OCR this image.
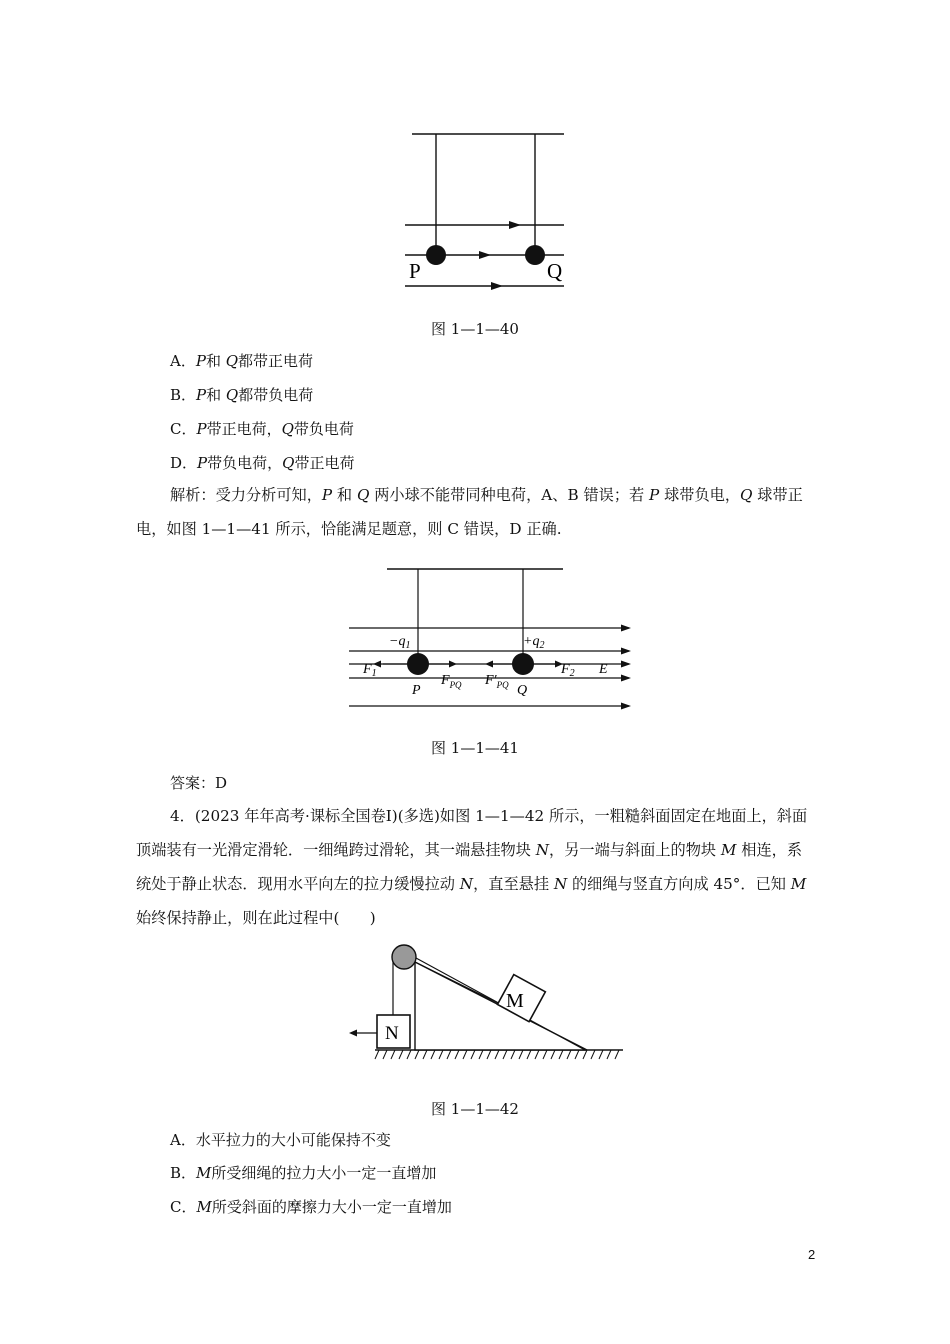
P	Q
图 1—1—40
A．P和 Q都带正电荷
B．P和 Q都带负电荷
C．P带正电荷，Q带负电荷
D．P带负电荷，Q带正电荷
解析：受力分析可知，P 和 Q 两小球不能带同种电荷，A、B 错误；若 P 球带负电，Q 球带正电，如图 1—1—41 所示，恰能满足题意，则 C 错误，D 正确.
$-q_1$	$+q_2$
$F_1$	$F_{PQ}$ $F'_{PQ}$
$F_2$ E
P	Q
图 1—1—41
答案：D
4．(2023 年年高考·课标全国卷Ⅰ)(多选)如图 1—1—42 所示，一粗糙斜面固定在地面上，斜面顶端装有一光滑定滑轮．一细绳跨过滑轮，其一端悬挂物块 N，另一端与斜面上的物块 M 相连，系统处于静止状态．现用水平向左的拉力缓慢拉动 N，直至悬挂 N 的细绳与竖直方向成 45°．已知 M 始终保持静止，则在此过程中(　　)
M
N
图 1—1—42
A．水平拉力的大小可能保持不变
B．M所受细绳的拉力大小一定一直增加
C．M所受斜面的摩擦力大小一定一直增加
2
